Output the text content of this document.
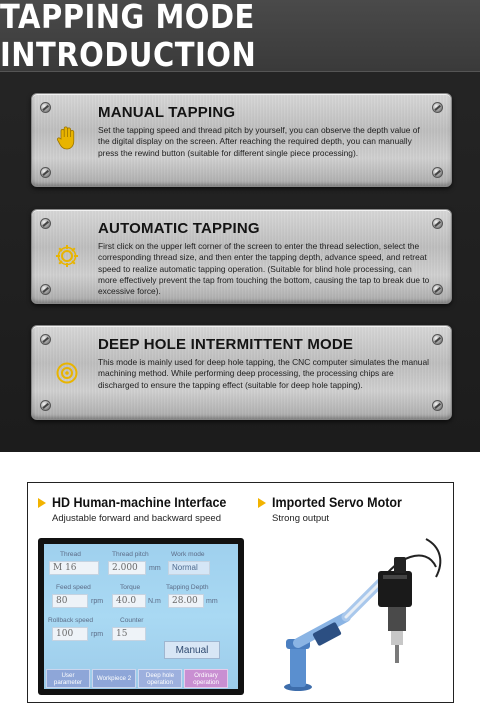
TAPPING MODE INTRODUCTION
MANUAL TAPPING
Set the tapping speed and thread pitch by yourself, you can observe the depth value of the digital display on the screen. After reaching the required depth, you can manually press the rewind button (suitable for different single piece processing).
AUTOMATIC TAPPING
First click on the upper left corner of the screen to enter the thread selection, select the corresponding thread size, and then enter the tapping depth, advance speed, and retreat speed to realize automatic tapping operation. (Suitable for blind hole processing, can more effectively prevent the tap from touching the bottom, causing the tap to break due to excessive force).
DEEP HOLE INTERMITTENT MODE
This mode is mainly used for deep hole tapping, the CNC computer simulates the manual machining method. While performing deep processing, the processing chips are discharged to ensure the tapping effect (suitable for deep hole tapping).
HD Human-machine Interface
Adjustable forward and backward speed
Imported Servo Motor
Strong output
Thread
M 16
Thread pitch
2.000	mm
Work mode
Normal
Feed speed
80	rpm
Torque
40.0	N.m
Tapping Depth
28.00	mm
Rollback speed
100	rpm
Counter
15
Manual
User parameter	Workpiece 2	Deep hole operation
Ordinary operation
